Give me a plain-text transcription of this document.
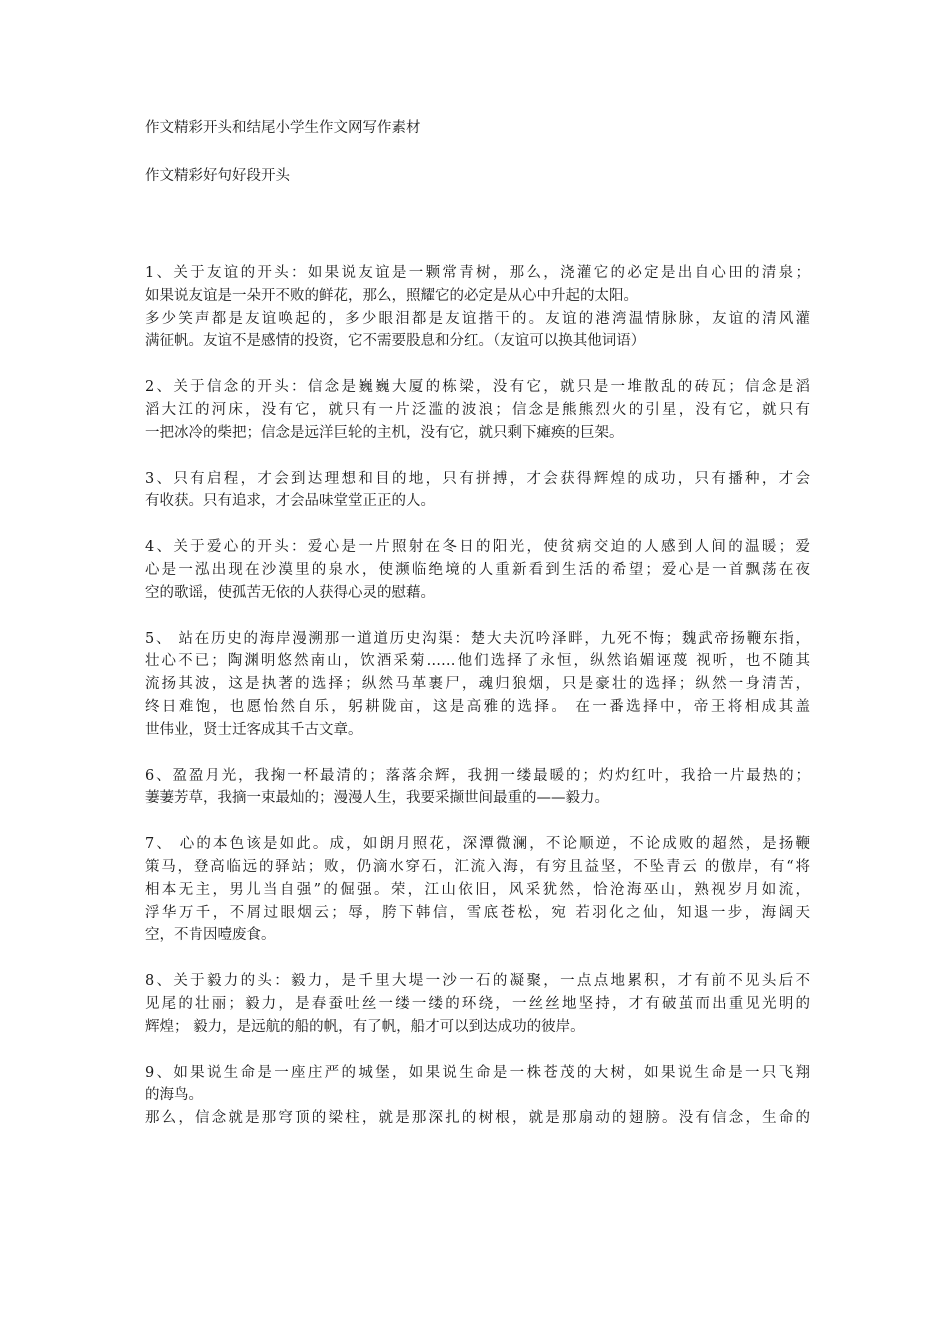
作文精彩开头和结尾小学生作文网写作素材
作文精彩好句好段开头
1、关于友谊的开头：如果说友谊是一颗常青树，那么，浇灌它的必定是出自心田的清泉；
如果说友谊是一朵开不败的鲜花，那么，照耀它的必定是从心中升起的太阳。
多少笑声都是友谊唤起的，多少眼泪都是友谊揩干的。友谊的港湾温情脉脉，友谊的清风灌
满征帆。友谊不是感情的投资，它不需要股息和分红。（友谊可以换其他词语）
2、关于信念的开头：信念是巍巍大厦的栋梁，没有它，就只是一堆散乱的砖瓦；信念是滔
滔大江的河床，没有它，就只有一片泛滥的波浪；信念是熊熊烈火的引星，没有它，就只有
一把冰冷的柴把；信念是远洋巨轮的主机，没有它，就只剩下瘫痪的巨架。
3、只有启程，才会到达理想和目的地，只有拼搏，才会获得辉煌的成功，只有播种，才会
有收获。只有追求，才会品味堂堂正正的人。
4、关于爱心的开头：爱心是一片照射在冬日的阳光，使贫病交迫的人感到人间的温暖；爱
心是一泓出现在沙漠里的泉水，使濒临绝境的人重新看到生活的希望；爱心是一首飘荡在夜
空的歌谣，使孤苦无依的人获得心灵的慰藉。
5、 站在历史的海岸漫溯那一道道历史沟渠：楚大夫沉吟泽畔，九死不悔；魏武帝扬鞭东指，
壮心不已；陶渊明悠然南山，饮酒采菊……他们选择了永恒，纵然谄媚诬蔑 视听，也不随其
流扬其波，这是执著的选择；纵然马革裹尸，魂归狼烟，只是豪壮的选择；纵然一身清苦，
终日难饱，也愿怡然自乐，躬耕陇亩，这是高雅的选择。 在一番选择中，帝王将相成其盖
世伟业，贤士迁客成其千古文章。
6、盈盈月光，我掬一杯最清的；落落余辉，我拥一缕最暖的；灼灼红叶，我拾一片最热的；
萋萋芳草，我摘一束最灿的；漫漫人生，我要采撷世间最重的——毅力。
7、 心的本色该是如此。成，如朗月照花，深潭微澜，不论顺逆，不论成败的超然，是扬鞭
策马，登高临远的驿站；败，仍滴水穿石，汇流入海，有穷且益坚，不坠青云 的傲岸，有“将
相本无主，男儿当自强”的倔强。荣，江山依旧，风采犹然，恰沧海巫山，熟视岁月如流，
浮华万千，不屑过眼烟云；辱，胯下韩信，雪底苍松，宛 若羽化之仙，知退一步，海阔天
空，不肯因噎废食。
8、关于毅力的头：毅力，是千里大堤一沙一石的凝聚，一点点地累积，才有前不见头后不
见尾的壮丽；毅力，是春蚕吐丝一缕一缕的环绕，一丝丝地坚持，才有破茧而出重见光明的
辉煌； 毅力，是远航的船的帆，有了帆，船才可以到达成功的彼岸。
9、如果说生命是一座庄严的城堡，如果说生命是一株苍茂的大树，如果说生命是一只飞翔
的海鸟。
那么，信念就是那穹顶的梁柱，就是那深扎的树根，就是那扇动的翅膀。没有信念，生命的
